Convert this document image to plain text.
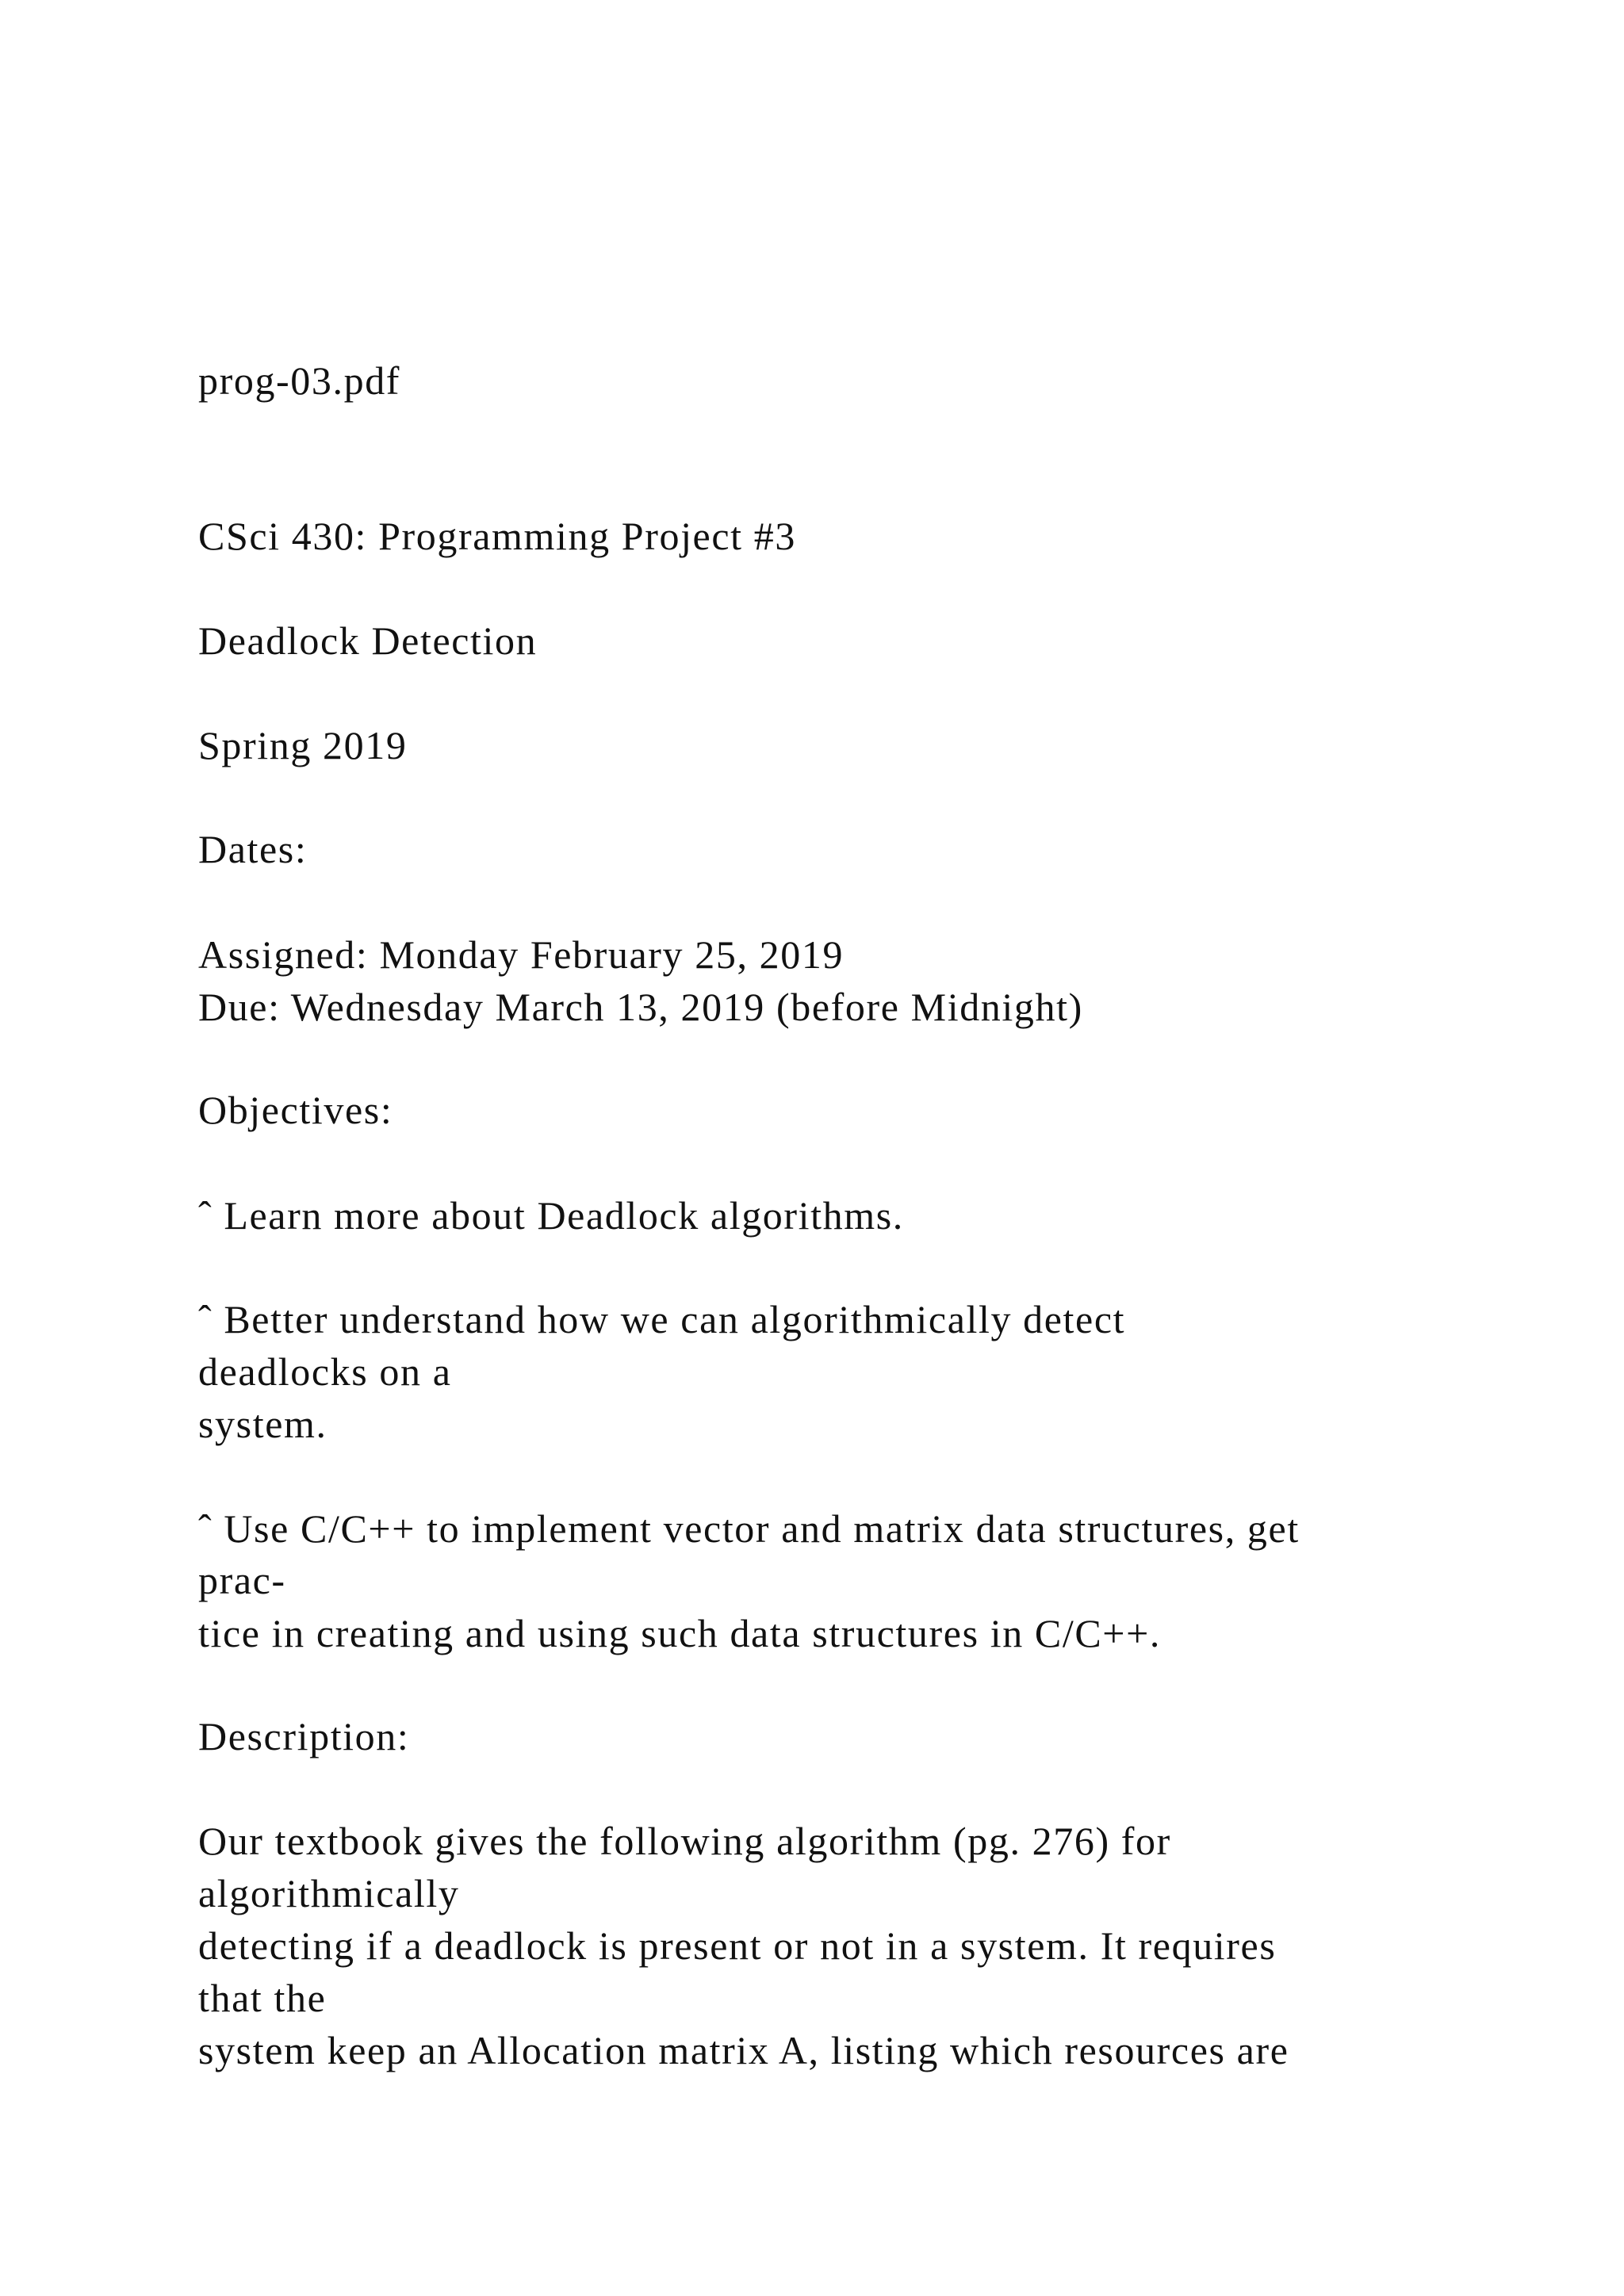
prog-03.pdf
CSci 430: Programming Project #3
Deadlock Detection
Spring 2019
Dates:
Assigned: Monday February 25, 2019
Due: Wednesday March 13, 2019 (before Midnight)
Objectives:
ˆ Learn more about Deadlock algorithms.
ˆ Better understand how we can algorithmically detect
deadlocks on a
system.
ˆ Use C/C++ to implement vector and matrix data structures, get
prac-
tice in creating and using such data structures in C/C++.
Description:
Our textbook gives the following algorithm (pg. 276) for
algorithmically
detecting if a deadlock is present or not in a system. It requires
that the
system keep an Allocation matrix A, listing which resources are
